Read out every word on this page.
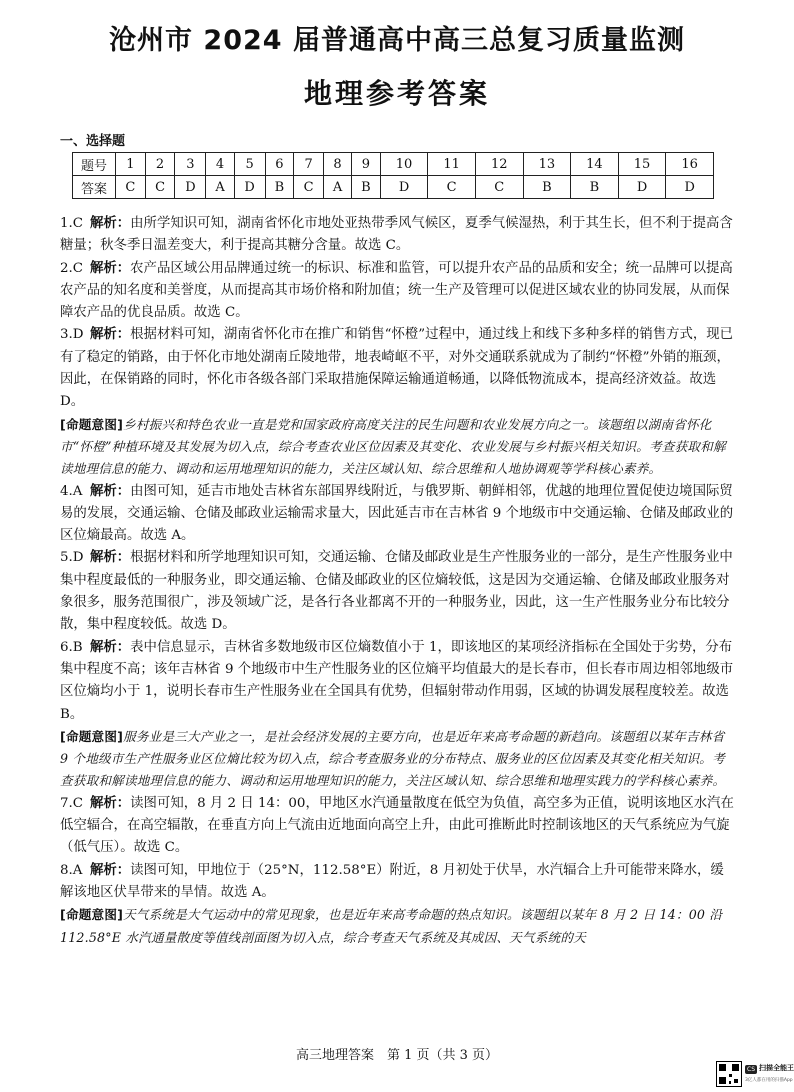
沧州市 2024 届普通高中高三总复习质量监测
地理参考答案
一、选择题
题号	1	2	3	4	5	6	7	8	9	10	11	12	13	14	15	16
答案	C	C	D	A	D	B	C	A	B	D	C	C	B	B	D	D
1.C 解析：由所学知识可知，湖南省怀化市地处亚热带季风气候区，夏季气候湿热，利于其生长，但不利于提高含糖量；秋冬季日温差变大，利于提高其糖分含量。故选 C。
2.C 解析：农产品区域公用品牌通过统一的标识、标准和监管，可以提升农产品的品质和安全；统一品牌可以提高农产品的知名度和美誉度，从而提高其市场价格和附加值；统一生产及管理可以促进区域农业的协同发展，从而保障农产品的优良品质。故选 C。
3.D 解析：根据材料可知，湖南省怀化市在推广和销售“怀橙”过程中，通过线上和线下多种多样的销售方式，现已有了稳定的销路，由于怀化市地处湖南丘陵地带，地表崎岖不平，对外交通联系就成为了制约“怀橙”外销的瓶颈，因此，在保销路的同时，怀化市各级各部门采取措施保障运输通道畅通，以降低物流成本，提高经济效益。故选 D。
[命题意图]乡村振兴和特色农业一直是党和国家政府高度关注的民生问题和农业发展方向之一。该题组以湖南省怀化市“怀橙”种植环境及其发展为切入点，综合考查农业区位因素及其变化、农业发展与乡村振兴相关知识。考查获取和解读地理信息的能力、调动和运用地理知识的能力，关注区域认知、综合思维和人地协调观等学科核心素养。
4.A 解析：由图可知，延吉市地处吉林省东部国界线附近，与俄罗斯、朝鲜相邻，优越的地理位置促使边境国际贸易的发展，交通运输、仓储及邮政业运输需求量大，因此延吉市在吉林省 9 个地级市中交通运输、仓储及邮政业的区位熵最高。故选 A。
5.D 解析：根据材料和所学地理知识可知，交通运输、仓储及邮政业是生产性服务业的一部分，是生产性服务业中集中程度最低的一种服务业，即交通运输、仓储及邮政业的区位熵较低，这是因为交通运输、仓储及邮政业服务对象很多，服务范围很广，涉及领域广泛，是各行各业都离不开的一种服务业，因此，这一生产性服务业分布比较分散，集中程度较低。故选 D。
6.B 解析：表中信息显示，吉林省多数地级市区位熵数值小于 1，即该地区的某项经济指标在全国处于劣势，分布集中程度不高；该年吉林省 9 个地级市中生产性服务业的区位熵平均值最大的是长春市，但长春市周边相邻地级市区位熵均小于 1，说明长春市生产性服务业在全国具有优势，但辐射带动作用弱，区域的协调发展程度较差。故选 B。
[命题意图]服务业是三大产业之一，是社会经济发展的主要方向，也是近年来高考命题的新趋向。该题组以某年吉林省 9 个地级市生产性服务业区位熵比较为切入点，综合考查服务业的分布特点、服务业的区位因素及其变化相关知识。考查获取和解读地理信息的能力、调动和运用地理知识的能力，关注区域认知、综合思维和地理实践力的学科核心素养。
7.C 解析：读图可知，8 月 2 日 14：00，甲地区水汽通量散度在低空为负值，高空多为正值，说明该地区水汽在低空辐合，在高空辐散，在垂直方向上气流由近地面向高空上升，由此可推断此时控制该地区的天气系统应为气旋（低气压）。故选 C。
8.A 解析：读图可知，甲地位于（25°N，112.58°E）附近，8 月初处于伏旱，水汽辐合上升可能带来降水，缓解该地区伏旱带来的旱情。故选 A。
[命题意图]天气系统是大气运动中的常见现象，也是近年来高考命题的热点知识。该题组以某年 8 月 2 日 14：00 沿 112.58°E 水汽通量散度等值线剖面图为切入点，综合考查天气系统及其成因、天气系统的天
高三地理答案　第 1 页（共 3 页）
CS 扫描全能王
3亿人都在用的扫描App
